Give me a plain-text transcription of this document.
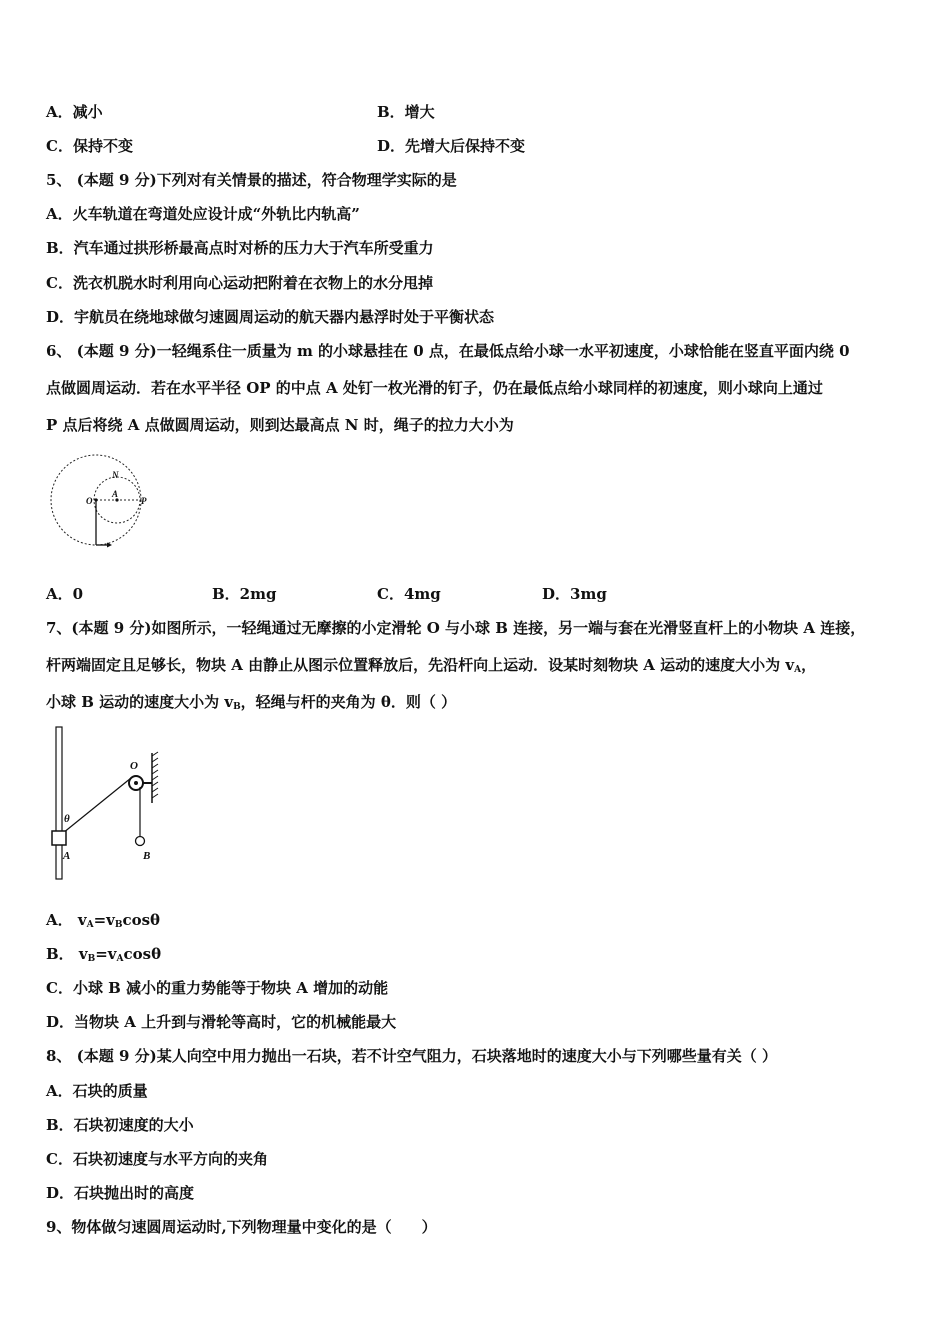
A．减小	B．增大
C．保持不变	D．先增大后保持不变
5、 (本题 9 分)下列对有关情景的描述，符合物理学实际的是
A．火车轨道在弯道处应设计成“外轨比内轨高”
B．汽车通过拱形桥最高点时对桥的压力大于汽车所受重力
C．洗衣机脱水时利用向心运动把附着在衣物上的水分甩掉
D．宇航员在绕地球做匀速圆周运动的航天器内悬浮时处于平衡状态
6、 (本题 9 分)一轻绳系住一质量为 m 的小球悬挂在 0 点，在最低点给小球一水平初速度，小球恰能在竖直平面内绕 0
点做圆周运动．若在水平半径 OP 的中点 A 处钉一枚光滑的钉子，仍在最低点给小球同样的初速度，则小球向上通过
P 点后将绕 A 点做圆周运动，则到达最高点 N 时，绳子的拉力大小为
N
O
A
P
A．0	B．2mg	C．4mg	D．3mg
7、(本题 9 分)如图所示，一轻绳通过无摩擦的小定滑轮 O 与小球 B 连接，另一端与套在光滑竖直杆上的小物块 A 连接，
杆两端固定且足够长，物块 A 由静止从图示位置释放后，先沿杆向上运动．设某时刻物块 A 运动的速度大小为 $v_A$，
小球 B 运动的速度大小为 $v_B$，轻绳与杆的夹角为 θ．则（ ）
O
θ
A	B
A． $v_A=v_B\cos\theta$
B． $v_B=v_A\cos\theta$
C．小球 B 减小的重力势能等于物块 A 增加的动能
D．当物块 A 上升到与滑轮等高时，它的机械能最大
8、 (本题 9 分)某人向空中用力抛出一石块，若不计空气阻力，石块落地时的速度大小与下列哪些量有关（ ）
A．石块的质量
B．石块初速度的大小
C．石块初速度与水平方向的夹角
D．石块抛出时的高度
9、物体做匀速圆周运动时,下列物理量中变化的是（　　）
